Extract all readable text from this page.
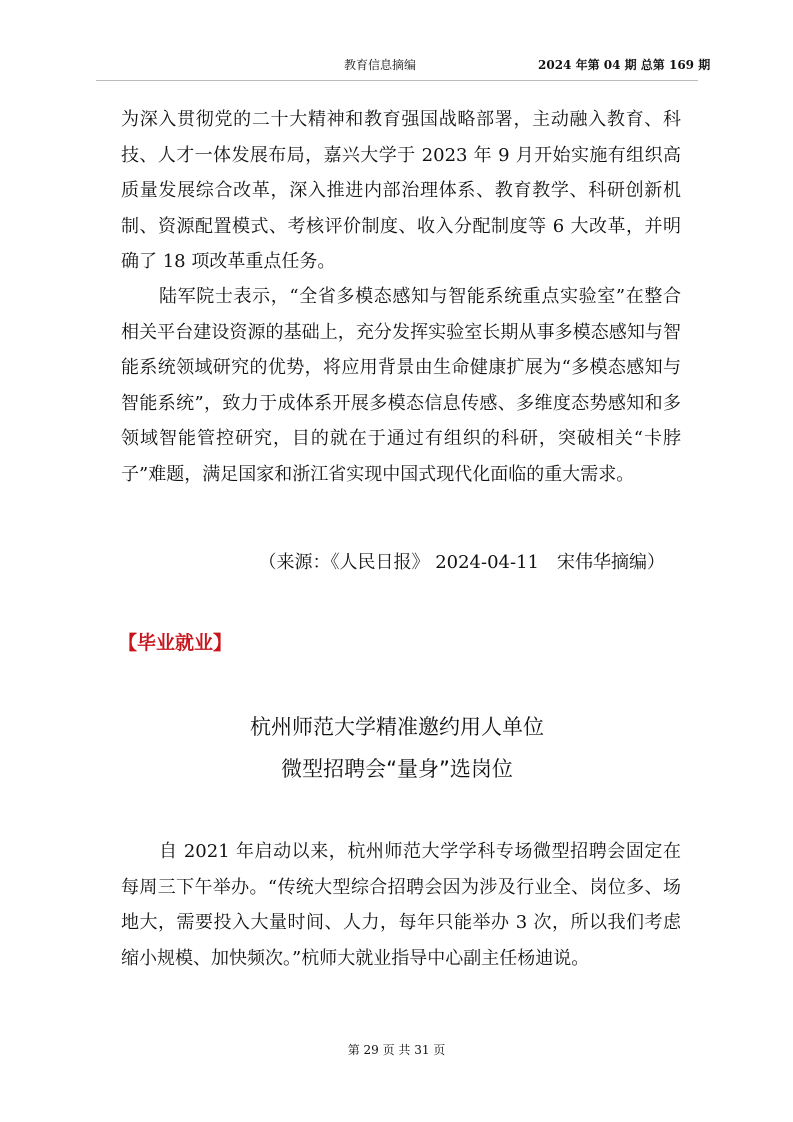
教育信息摘编	2024 年第 04 期 总第 169 期

为深入贯彻党的二十大精神和教育强国战略部署，主动融入教育、科技、人才一体发展布局，嘉兴大学于 2023 年 9 月开始实施有组织高质量发展综合改革，深入推进内部治理体系、教育教学、科研创新机制、资源配置模式、考核评价制度、收入分配制度等 6 大改革，并明确了 18 项改革重点任务。

陆军院士表示，“全省多模态感知与智能系统重点实验室”在整合相关平台建设资源的基础上，充分发挥实验室长期从事多模态感知与智能系统领域研究的优势，将应用背景由生命健康扩展为“多模态感知与智能系统”，致力于成体系开展多模态信息传感、多维度态势感知和多领域智能管控研究，目的就在于通过有组织的科研，突破相关“卡脖子”难题，满足国家和浙江省实现中国式现代化面临的重大需求。

（来源：《人民日报》 2024-04-11　宋伟华摘编）

【毕业就业】

杭州师范大学精准邀约用人单位
微型招聘会“量身”选岗位

自 2021 年启动以来，杭州师范大学学科专场微型招聘会固定在每周三下午举办。“传统大型综合招聘会因为涉及行业全、岗位多、场地大，需要投入大量时间、人力，每年只能举办 3 次，所以我们考虑缩小规模、加快频次。”杭师大就业指导中心副主任杨迪说。

第 29 页 共 31 页
